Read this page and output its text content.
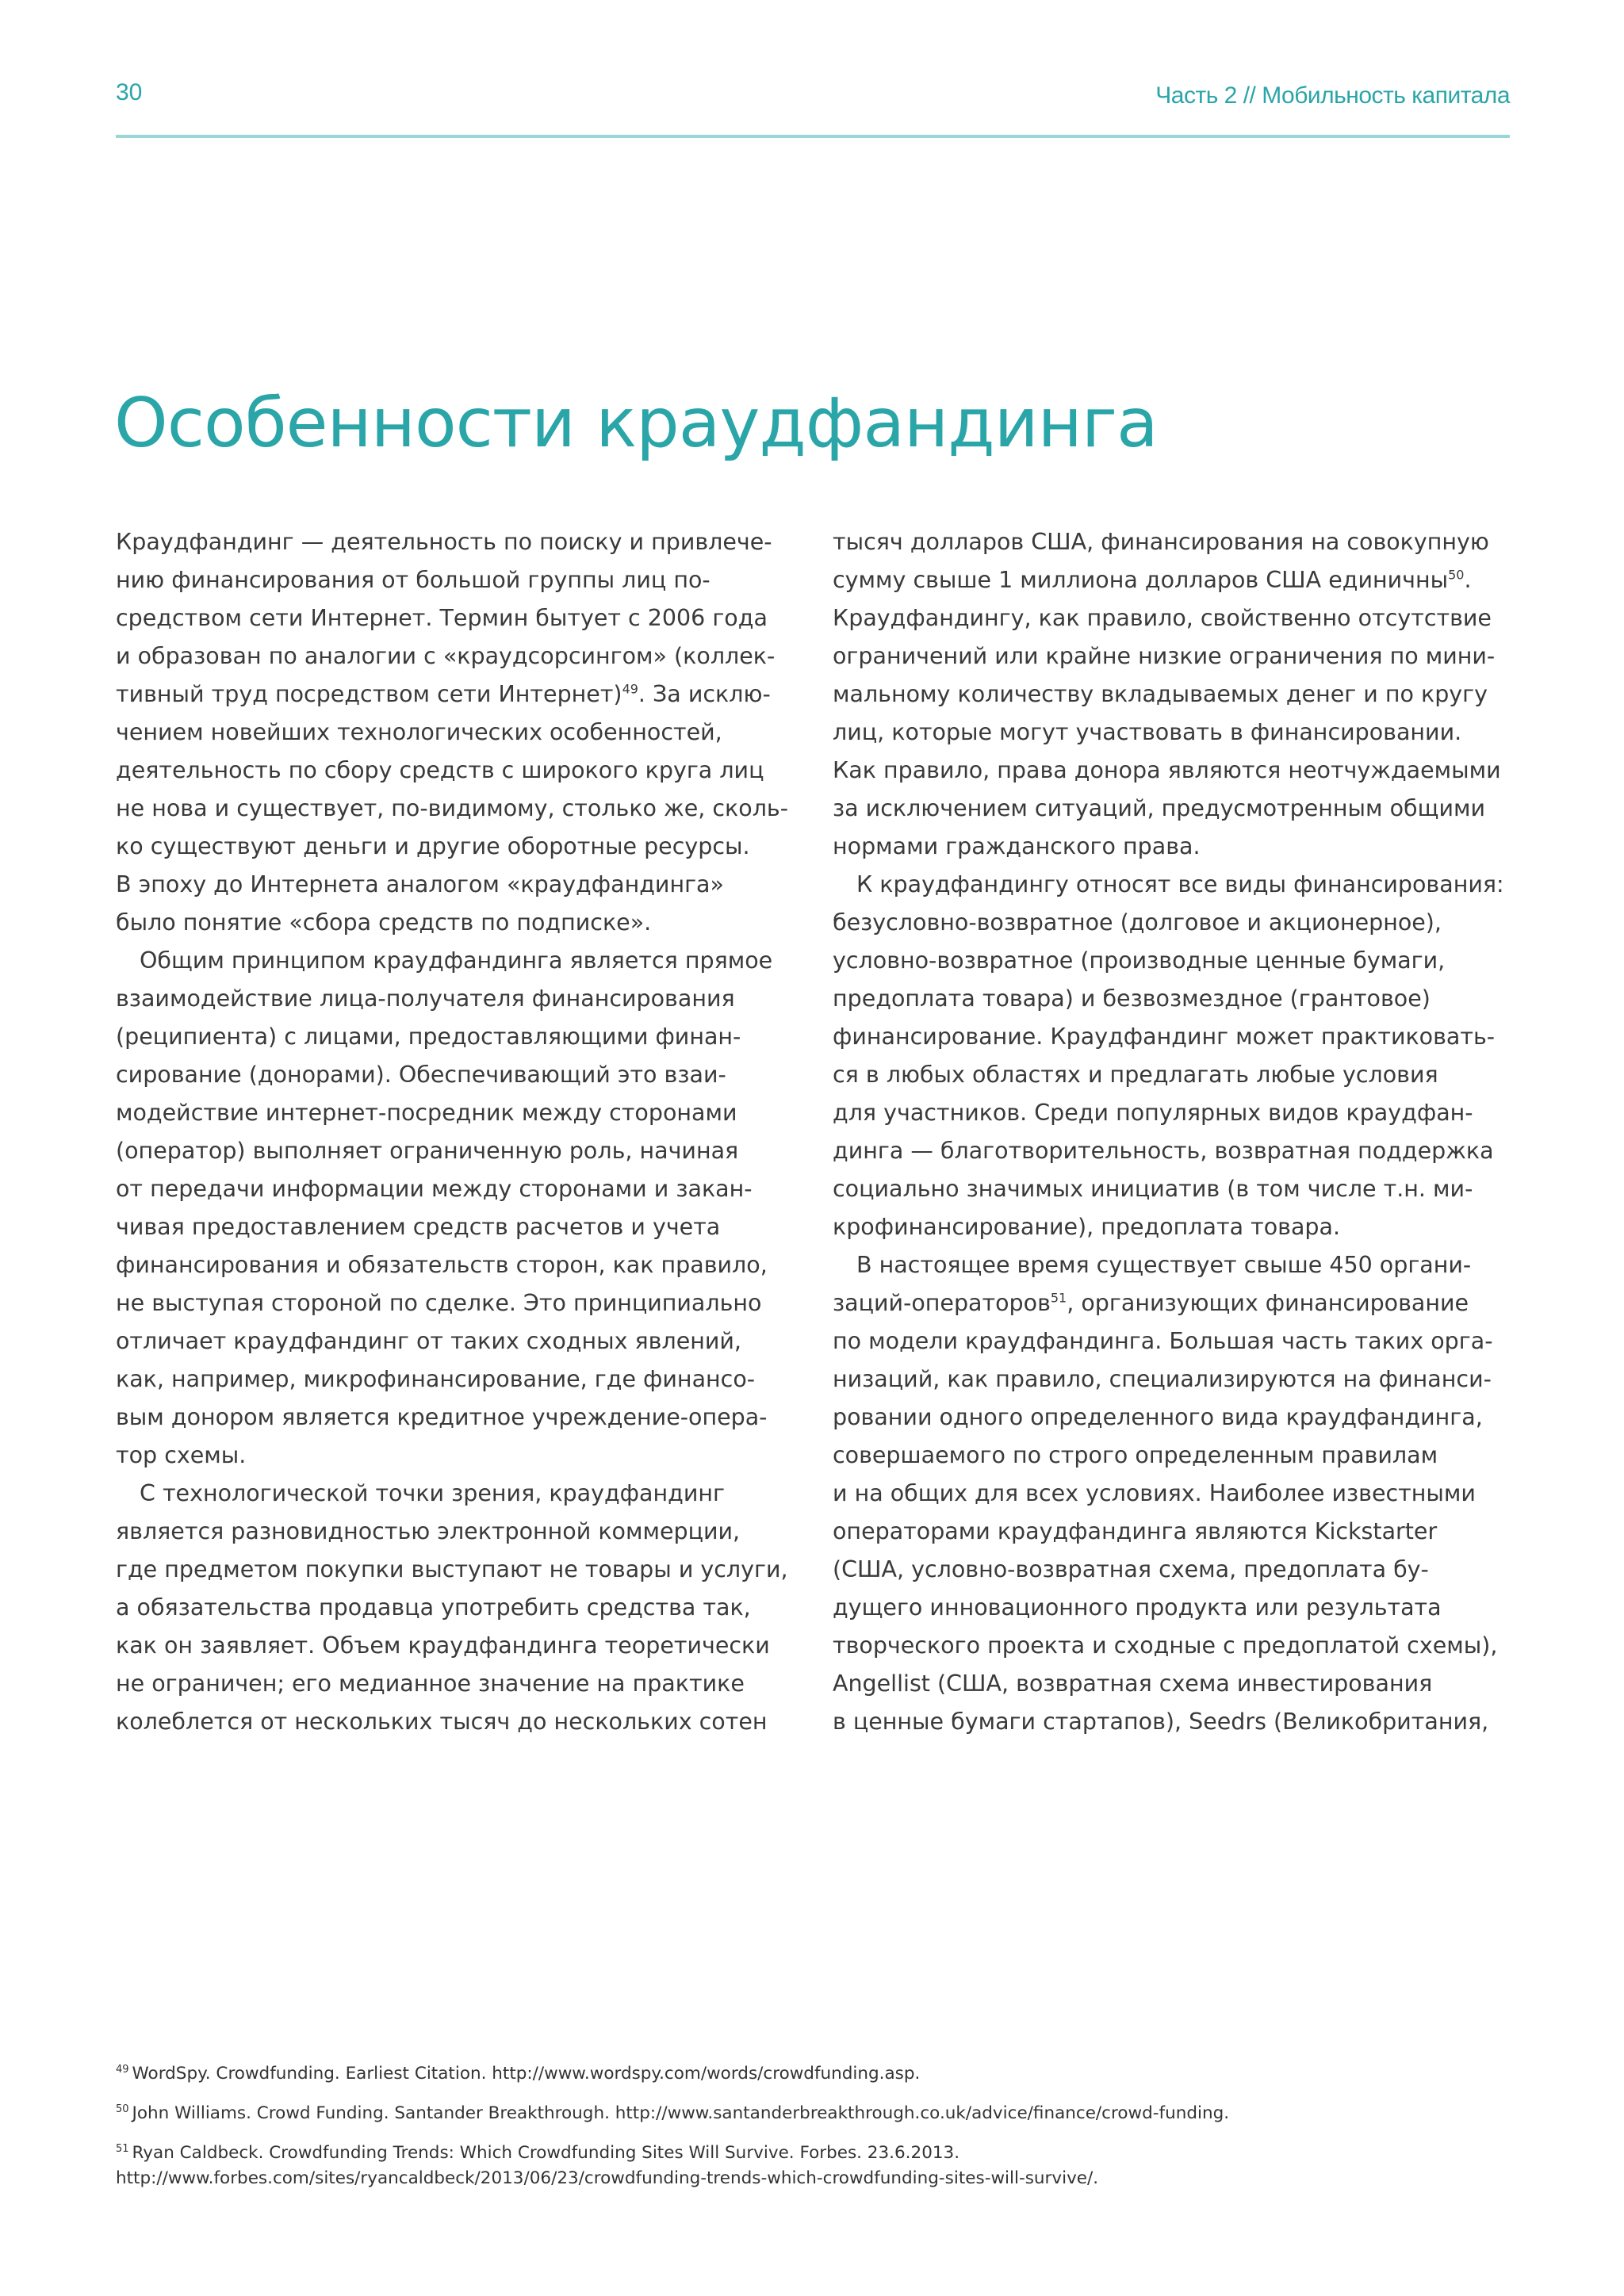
30	Часть 2 // Мобильность капитала
Особенности краудфандинга

Краудфандинг — деятельность по поиску и привлече-
нию финансирования от большой группы лиц по-
средством сети Интернет. Термин бытует с 2006 года
и образован по аналогии с «краудсорсингом» (коллек-
тивный труд посредством сети Интернет)$^{49}$. За исклю-
чением новейших технологических особенностей,
деятельность по сбору средств с широкого круга лиц
не нова и существует, по-видимому, столько же, сколь-
ко существуют деньги и другие оборотные ресурсы.
В эпоху до Интернета аналогом «краудфандинга»
было понятие «сбора средств по подписке».

Общим принципом краудфандинга является прямое
взаимодействие лица-получателя финансирования
(реципиента) с лицами, предоставляющими финан-
сирование (донорами). Обеспечивающий это взаи-
модействие интернет-посредник между сторонами
(оператор) выполняет ограниченную роль, начиная
от передачи информации между сторонами и закан-
чивая предоставлением средств расчетов и учета
финансирования и обязательств сторон, как правило,
не выступая стороной по сделке. Это принципиально
отличает краудфандинг от таких сходных явлений,
как, например, микрофинансирование, где финансо-
вым донором является кредитное учреждение-опера-
тор схемы.

С технологической точки зрения, краудфандинг
является разновидностью электронной коммерции,
где предметом покупки выступают не товары и услуги,
а обязательства продавца употребить средства так,
как он заявляет. Объем краудфандинга теоретически
не ограничен; его медианное значение на практике
колеблется от нескольких тысяч до нескольких сотен

тысяч долларов США, финансирования на совокупную
сумму свыше 1 миллиона долларов США единичны$^{50}$.
Краудфандингу, как правило, свойственно отсутствие
ограничений или крайне низкие ограничения по мини-
мальному количеству вкладываемых денег и по кругу
лиц, которые могут участвовать в финансировании.
Как правило, права донора являются неотчуждаемыми
за исключением ситуаций, предусмотренным общими
нормами гражданского права.

К краудфандингу относят все виды финансирования:
безусловно-возвратное (долговое и акционерное),
условно-возвратное (производные ценные бумаги,
предоплата товара) и безвозмездное (грантовое)
финансирование. Краудфандинг может практиковать-
ся в любых областях и предлагать любые условия
для участников. Среди популярных видов краудфан-
динга — благотворительность, возвратная поддержка
социально значимых инициатив (в том числе т.н. ми-
крофинансирование), предоплата товара.

В настоящее время существует свыше 450 органи-
заций-операторов$^{51}$, организующих финансирование
по модели краудфандинга. Большая часть таких орга-
низаций, как правило, специализируются на финанси-
ровании одного определенного вида краудфандинга,
совершаемого по строго определенным правилам
и на общих для всех условиях. Наиболее известными
операторами краудфандинга являются Kickstarter
(США, условно-возвратная схема, предоплата бу-
дущего инновационного продукта или результата
творческого проекта и сходные с предоплатой схемы),
Angellist (США, возвратная схема инвестирования
в ценные бумаги стартапов), Seedrs (Великобритания,

$^{49}$ WordSpy. Crowdfunding. Earliest Citation. http://www.wordspy.com/words/crowdfunding.asp.

$^{50}$ John Williams. Crowd Funding. Santander Breakthrough. http://www.santanderbreakthrough.co.uk/advice/finance/crowd-funding.

$^{51}$ Ryan Caldbeck. Crowdfunding Trends: Which Crowdfunding Sites Will Survive. Forbes. 23.6.2013.
http://www.forbes.com/sites/ryancaldbeck/2013/06/23/crowdfunding-trends-which-crowdfunding-sites-will-survive/.
